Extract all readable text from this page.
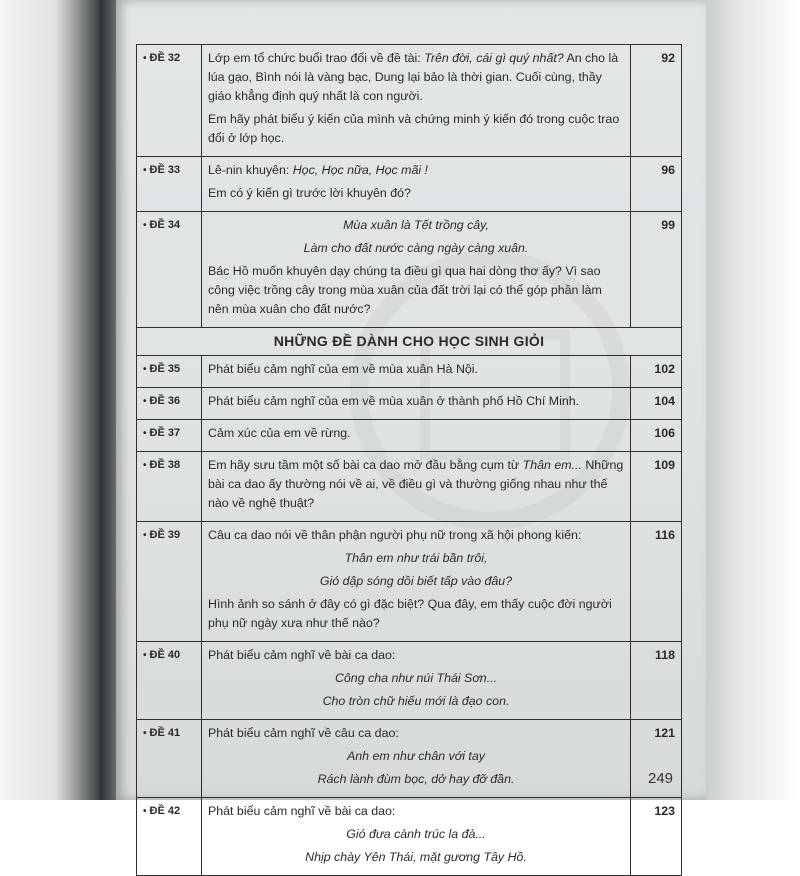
• ĐỀ 32	Lớp em tổ chức buổi trao đổi về đề tài: Trên đời, cái gì quý nhất? An cho là lúa gạo, Bình nói là vàng bạc, Dung lại bảo là thời gian. Cuối cùng, thầy giáo khẳng định quý nhất là con người.
Em hãy phát biểu ý kiến của mình và chứng minh ý kiến đó trong cuộc trao đổi ở lớp học.	92
• ĐỀ 33	Lê-nin khuyên: Học, Học nữa, Học mãi !
Em có ý kiến gì trước lời khuyên đó?	96
• ĐỀ 34	Mùa xuân là Tết trồng cây,
Làm cho đất nước càng ngày càng xuân.
Bác Hồ muốn khuyên dạy chúng ta điều gì qua hai dòng thơ ấy? Vì sao công việc trồng cây trong mùa xuân của đất trời lại có thể góp phần làm nên mùa xuân cho đất nước?	99
NHỮNG ĐỀ DÀNH CHO HỌC SINH GIỎI		
• ĐỀ 35	Phát biểu cảm nghĩ của em về mùa xuân Hà Nội.	102
• ĐỀ 36	Phát biểu cảm nghĩ của em về mùa xuân ở thành phố Hồ Chí Minh.	104
• ĐỀ 37	Cảm xúc của em về rừng.	106
• ĐỀ 38	Em hãy sưu tầm một số bài ca dao mở đầu bằng cụm từ Thân em... Những bài ca dao ấy thường nói về ai, về điều gì và thường giống nhau như thế nào về nghệ thuật?	109
• ĐỀ 39	Câu ca dao nói về thân phận người phụ nữ trong xã hội phong kiến:
Thân em như trái bần trôi,
Gió dập sóng dồi biết tấp vào đâu?
Hình ảnh so sánh ở đây có gì đặc biệt? Qua đây, em thấy cuộc đời người phụ nữ ngày xưa như thế nào?	116
• ĐỀ 40	Phát biểu cảm nghĩ về bài ca dao:
Công cha như núi Thái Sơn...
Cho tròn chữ hiếu mới là đạo con.	118
• ĐỀ 41	Phát biểu cảm nghĩ về câu ca dao:
Anh em như chân với tay
Rách lành đùm bọc, dở hay đỡ đần.	121
• ĐỀ 42	Phát biểu cảm nghĩ về bài ca dao:
Gió đưa cành trúc la đà...
Nhịp chày Yên Thái, mặt gương Tây Hồ.	123
249
